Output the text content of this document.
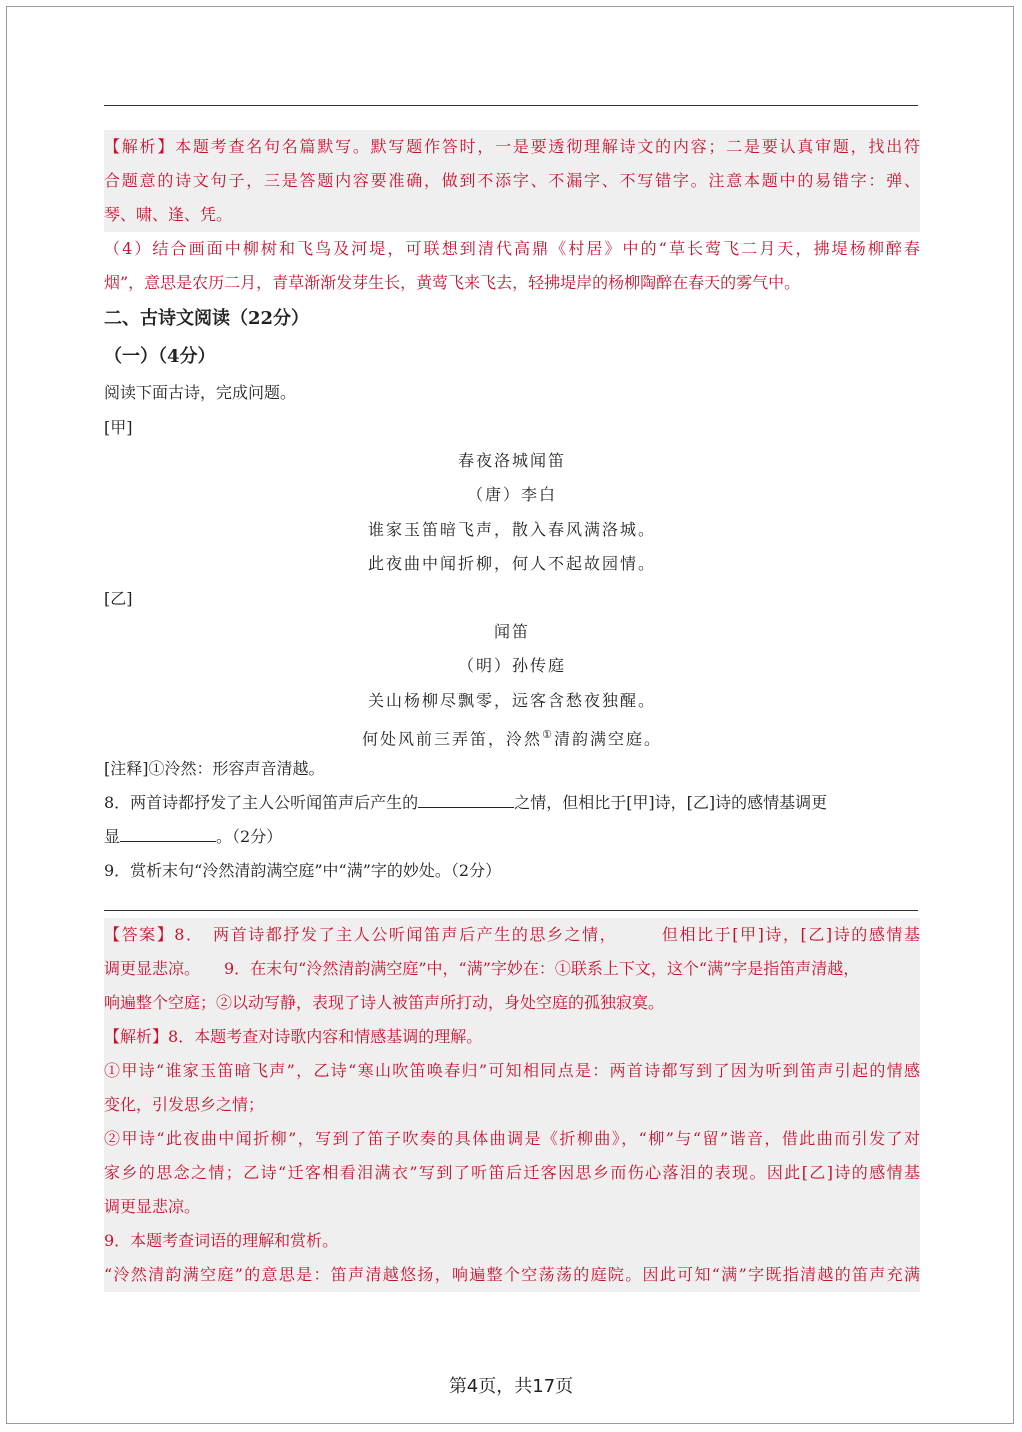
【解析】本题考查名句名篇默写。默写题作答时，一是要透彻理解诗文的内容；二是要认真审题，找出符
合题意的诗文句子，三是答题内容要准确，做到不添字、不漏字、不写错字。注意本题中的易错字：弹、
琴、啸、逢、凭。
（4）结合画面中柳树和飞鸟及河堤，可联想到清代高鼎《村居》中的“草长莺飞二月天，拂堤杨柳醉春
烟”，意思是农历二月，青草渐渐发芽生长，黄莺飞来飞去，轻拂堤岸的杨柳陶醉在春天的雾气中。
二、古诗文阅读（22分）
（一）（4分）
阅读下面古诗，完成问题。
[甲]
春夜洛城闻笛
（唐）李白
谁家玉笛暗飞声，散入春风满洛城。
此夜曲中闻折柳，何人不起故园情。
[乙]
闻笛
（明）孙传庭
关山杨柳尽飘零，远客含愁夜独醒。
何处风前三弄笛，泠然①清韵满空庭。
[注释]①泠然：形容声音清越。
8．两首诗都抒发了主人公听闻笛声后产生的	之情，但相比于[甲]诗，[乙]诗的感情基调更
显	。（2分）
9．赏析末句“泠然清韵满空庭”中“满”字的妙处。（2分）
【答案】8．　两首诗都抒发了主人公听闻笛声后产生的思乡之情，　　　但相比于[甲]诗，[乙]诗的感情基
调更显悲凉。　　9．在末句“泠然清韵满空庭”中，“满”字妙在：①联系上下文，这个“满”字是指笛声清越，
响遍整个空庭；②以动写静，表现了诗人被笛声所打动，身处空庭的孤独寂寞。
【解析】8．本题考查对诗歌内容和情感基调的理解。
①甲诗“谁家玉笛暗飞声”，乙诗“寒山吹笛唤春归”可知相同点是：两首诗都写到了因为听到笛声引起的情感
变化，引发思乡之情；
②甲诗“此夜曲中闻折柳”，写到了笛子吹奏的具体曲调是《折柳曲》，“柳”与“留”谐音，借此曲而引发了对
家乡的思念之情；乙诗“迁客相看泪满衣”写到了听笛后迁客因思乡而伤心落泪的表现。因此[乙]诗的感情基
调更显悲凉。
9．本题考查词语的理解和赏析。
“泠然清韵满空庭”的意思是：笛声清越悠扬，响遍整个空荡荡的庭院。因此可知“满”字既指清越的笛声充满
第4页，共17页
